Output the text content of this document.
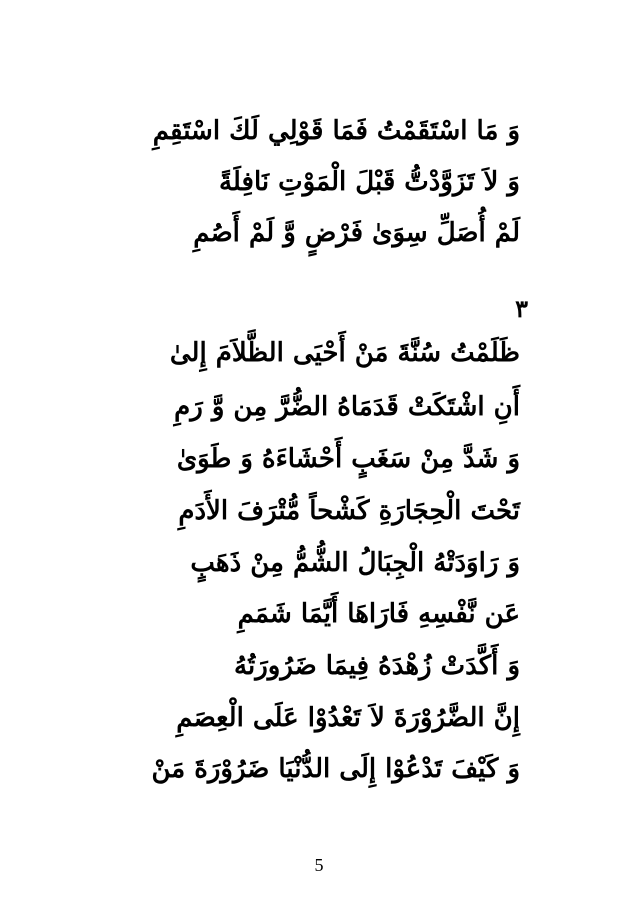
وَ مَا اسْتَقَمْتُ فَمَا قَوْلِي لَكَ اسْتَقِمِ
وَ لاَ تَزَوَّدْتُّ قَبْلَ الْمَوْتِ نَافِلَةً
لَمْ أُصَلِّ سِوَىٰ فَرْضٍ وَّ لَمْ أَصُمِ
٣
ظَلَمْتُ سُنَّةَ مَنْ أَحْيَى الظَّلاَمَ إِلىٰ
أَنِ اشْتَكَتْ قَدَمَاهُ الضُّرَّ مِن وَّ رَمِ
وَ شَدَّ مِنْ سَغَبٍ أَحْشَاءَهُ وَ طَوَىٰ
تَحْتَ الْحِجَارَةِ كَشْحاً مُّتْرَفَ الأَدَمِ
وَ رَاوَدَتْهُ الْجِبَالُ الشُّمُّ مِنْ ذَهَبٍ
عَن نَّفْسِهِ فَارَاهَا أَيَّمَا شَمَمِ
وَ أَكَّدَتْ زُهْدَهُ فِيمَا ضَرُورَتُهُ
إِنَّ الضَّرُوْرَةَ لاَ تَعْدُوْا عَلَى الْعِصَمِ
وَ كَيْفَ تَدْعُوْا إِلَى الدُّنْيَا ضَرُوْرَةَ مَنْ
5
